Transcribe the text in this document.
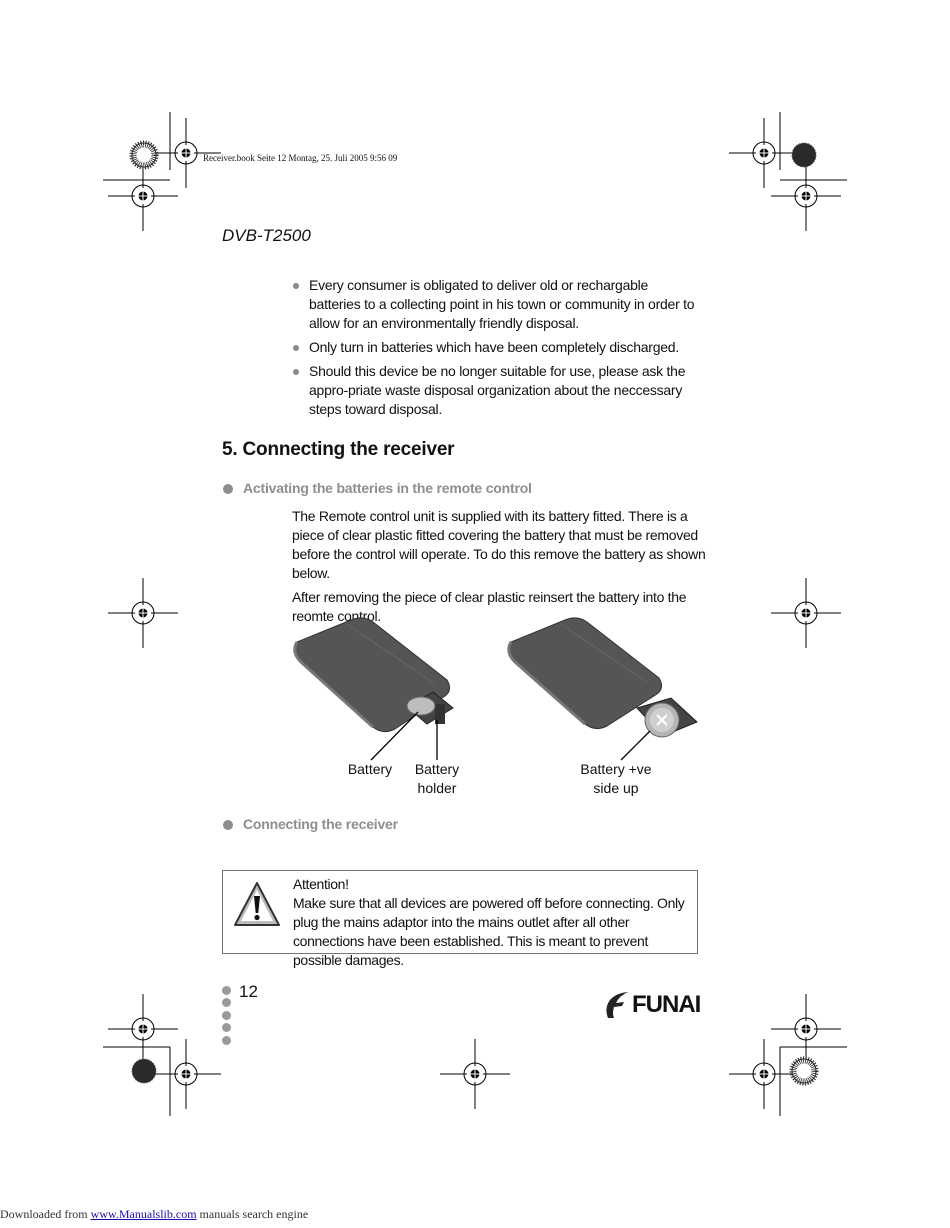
Receiver.book Seite 12 Montag, 25. Juli 2005 9:56 09
DVB-T2500
Every consumer is obligated to deliver old or rechargable batteries to a collecting point in his town or community in order to allow for an environmentally friendly disposal.
Only turn in batteries which have been completely discharged.
Should this device be no longer suitable for use, please ask the appro-priate waste disposal organization about the neccessary steps toward disposal.
5. Connecting the receiver
Activating the batteries in the remote control

The Remote control unit is supplied with its battery fitted. There is a piece of clear plastic fitted covering the battery that must be removed before the control will operate. To do this remove the battery as shown below.

After removing the piece of clear plastic reinsert the battery into the reomte control.

Battery	Battery
holder
Battery +ve
side up
Connecting the receiver
Attention!
Make sure that all devices are powered off before connecting. Only plug the mains adaptor into the mains outlet after all other connections have been established. This is meant to prevent possible damages.
12	FUNAI
Downloaded from www.Manualslib.com manuals search engine
